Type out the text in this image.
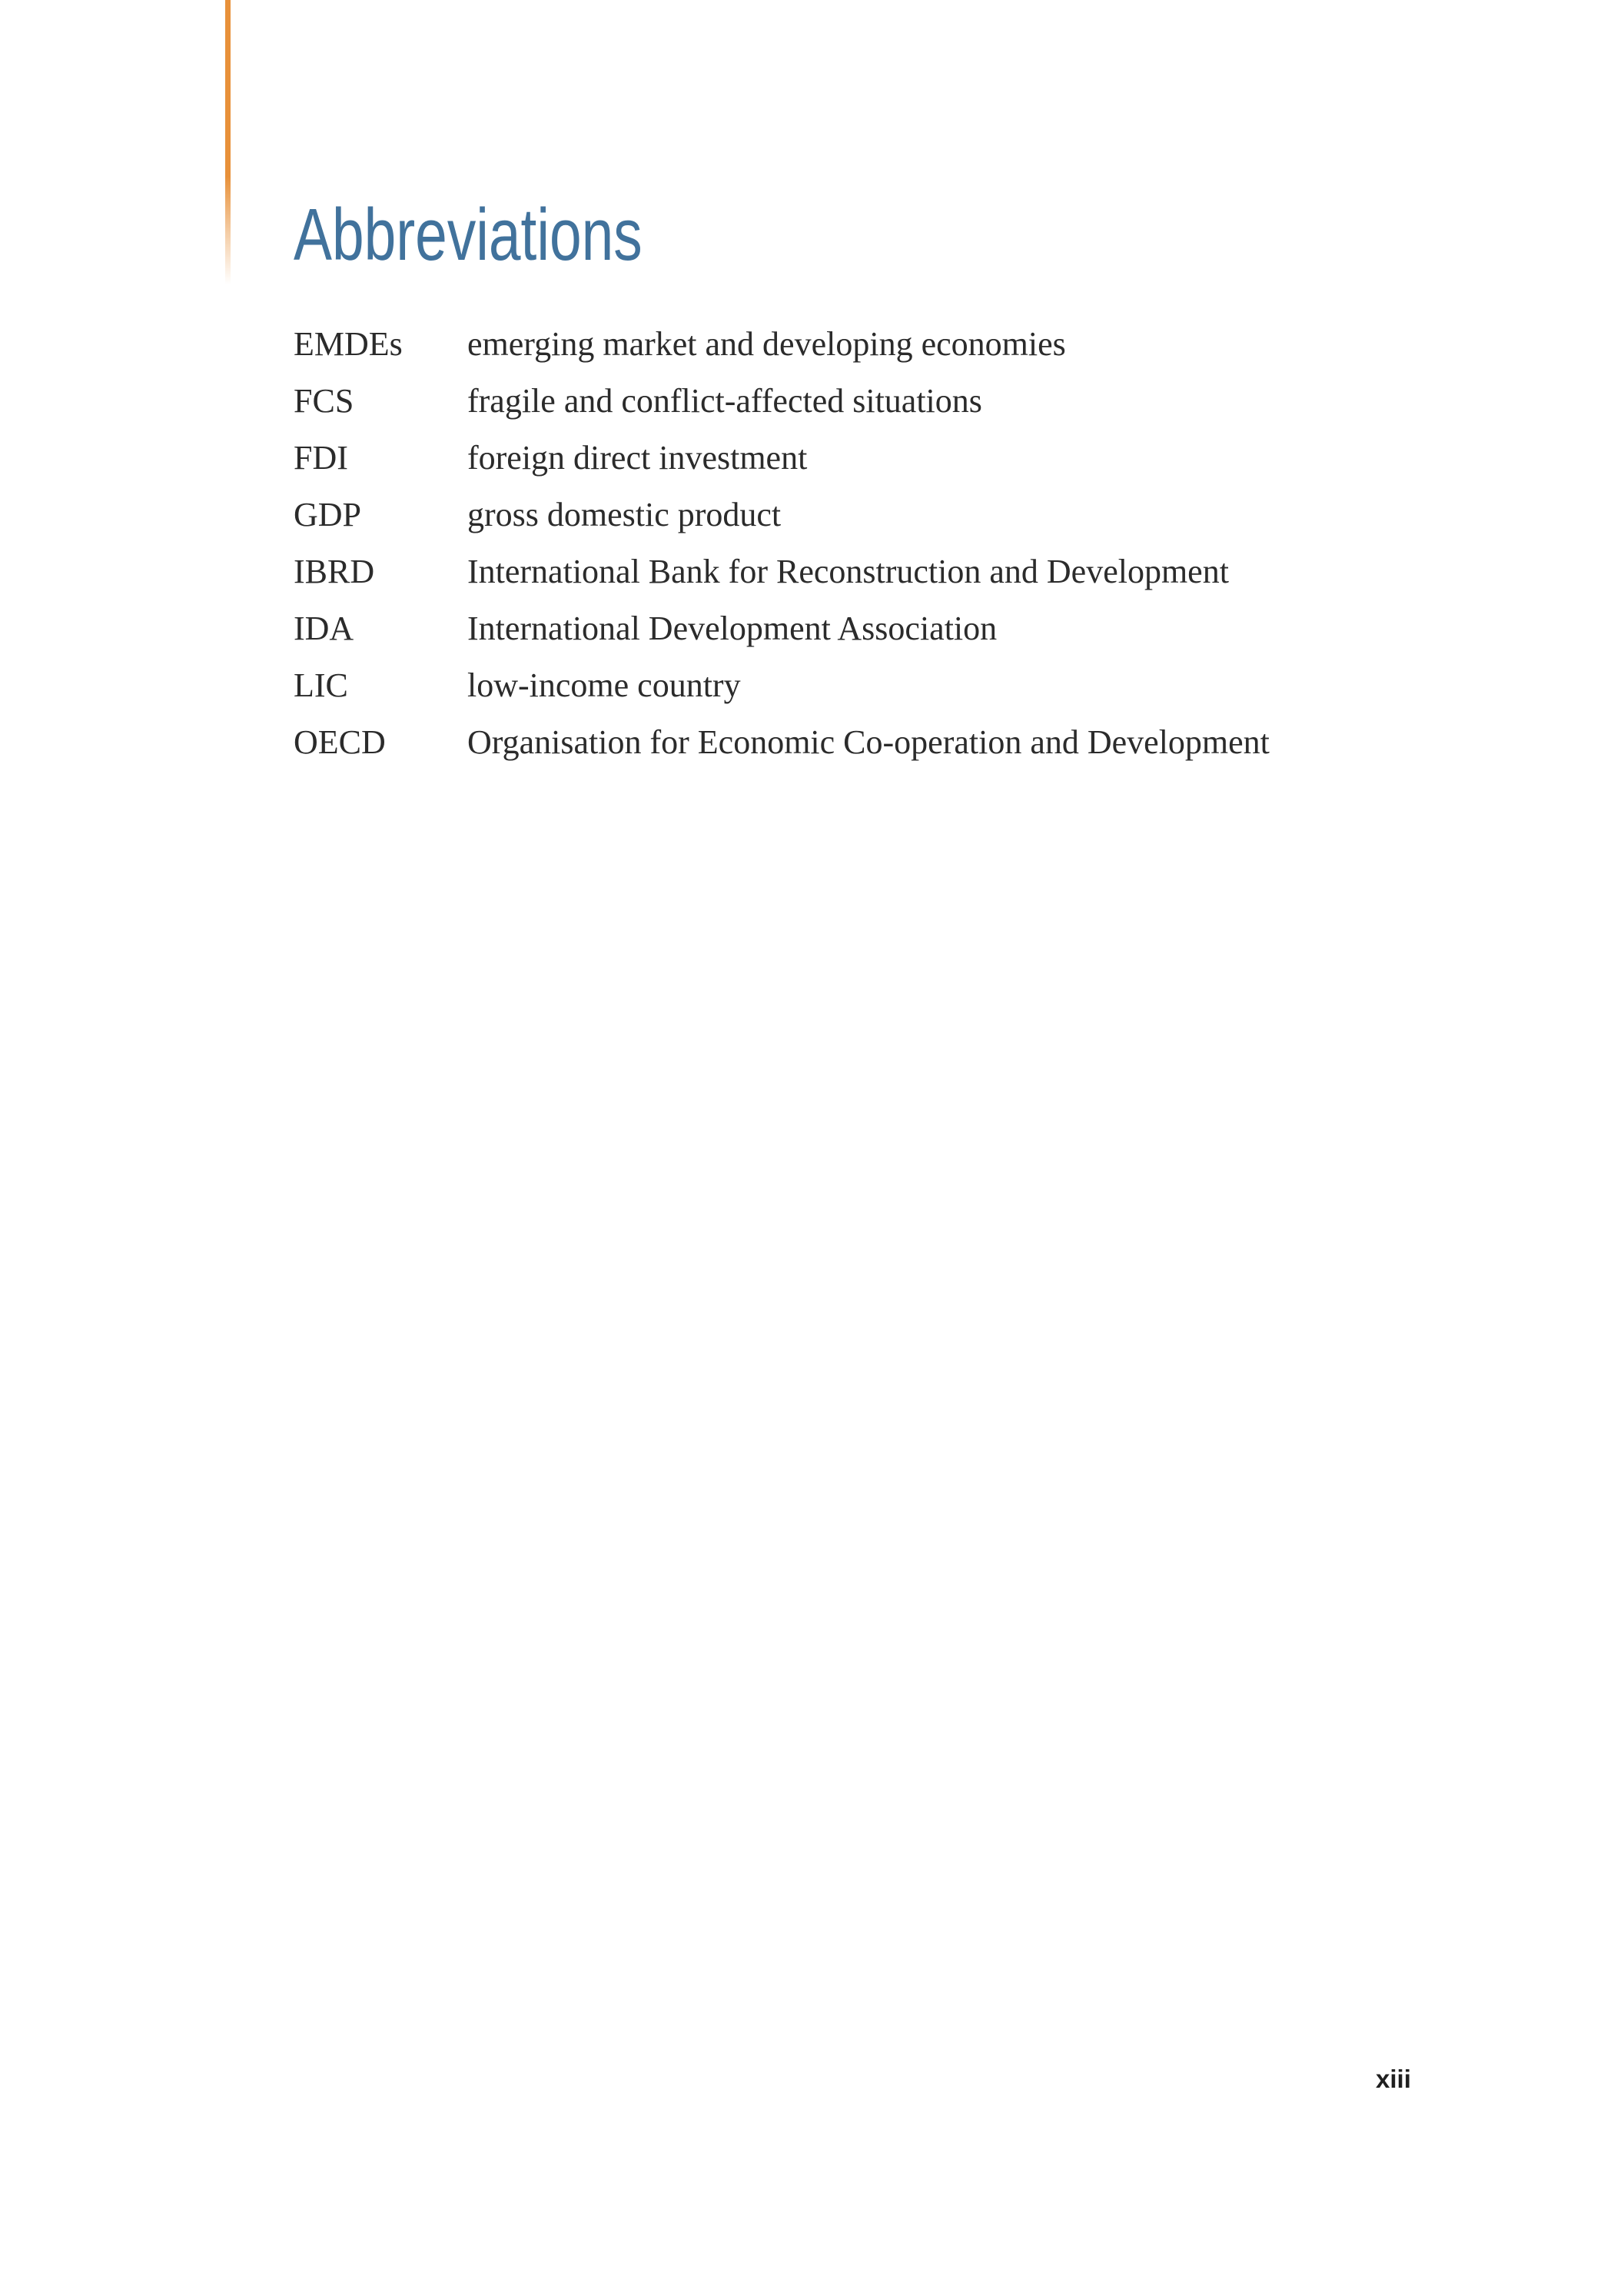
Abbreviations
EMDEs	emerging market and developing economies
FCS	fragile and conflict-affected situations
FDI	foreign direct investment
GDP	gross domestic product
IBRD	International Bank for Reconstruction and Development
IDA	International Development Association
LIC	low-income country
OECD	Organisation for Economic Co-operation and Development
xiii
